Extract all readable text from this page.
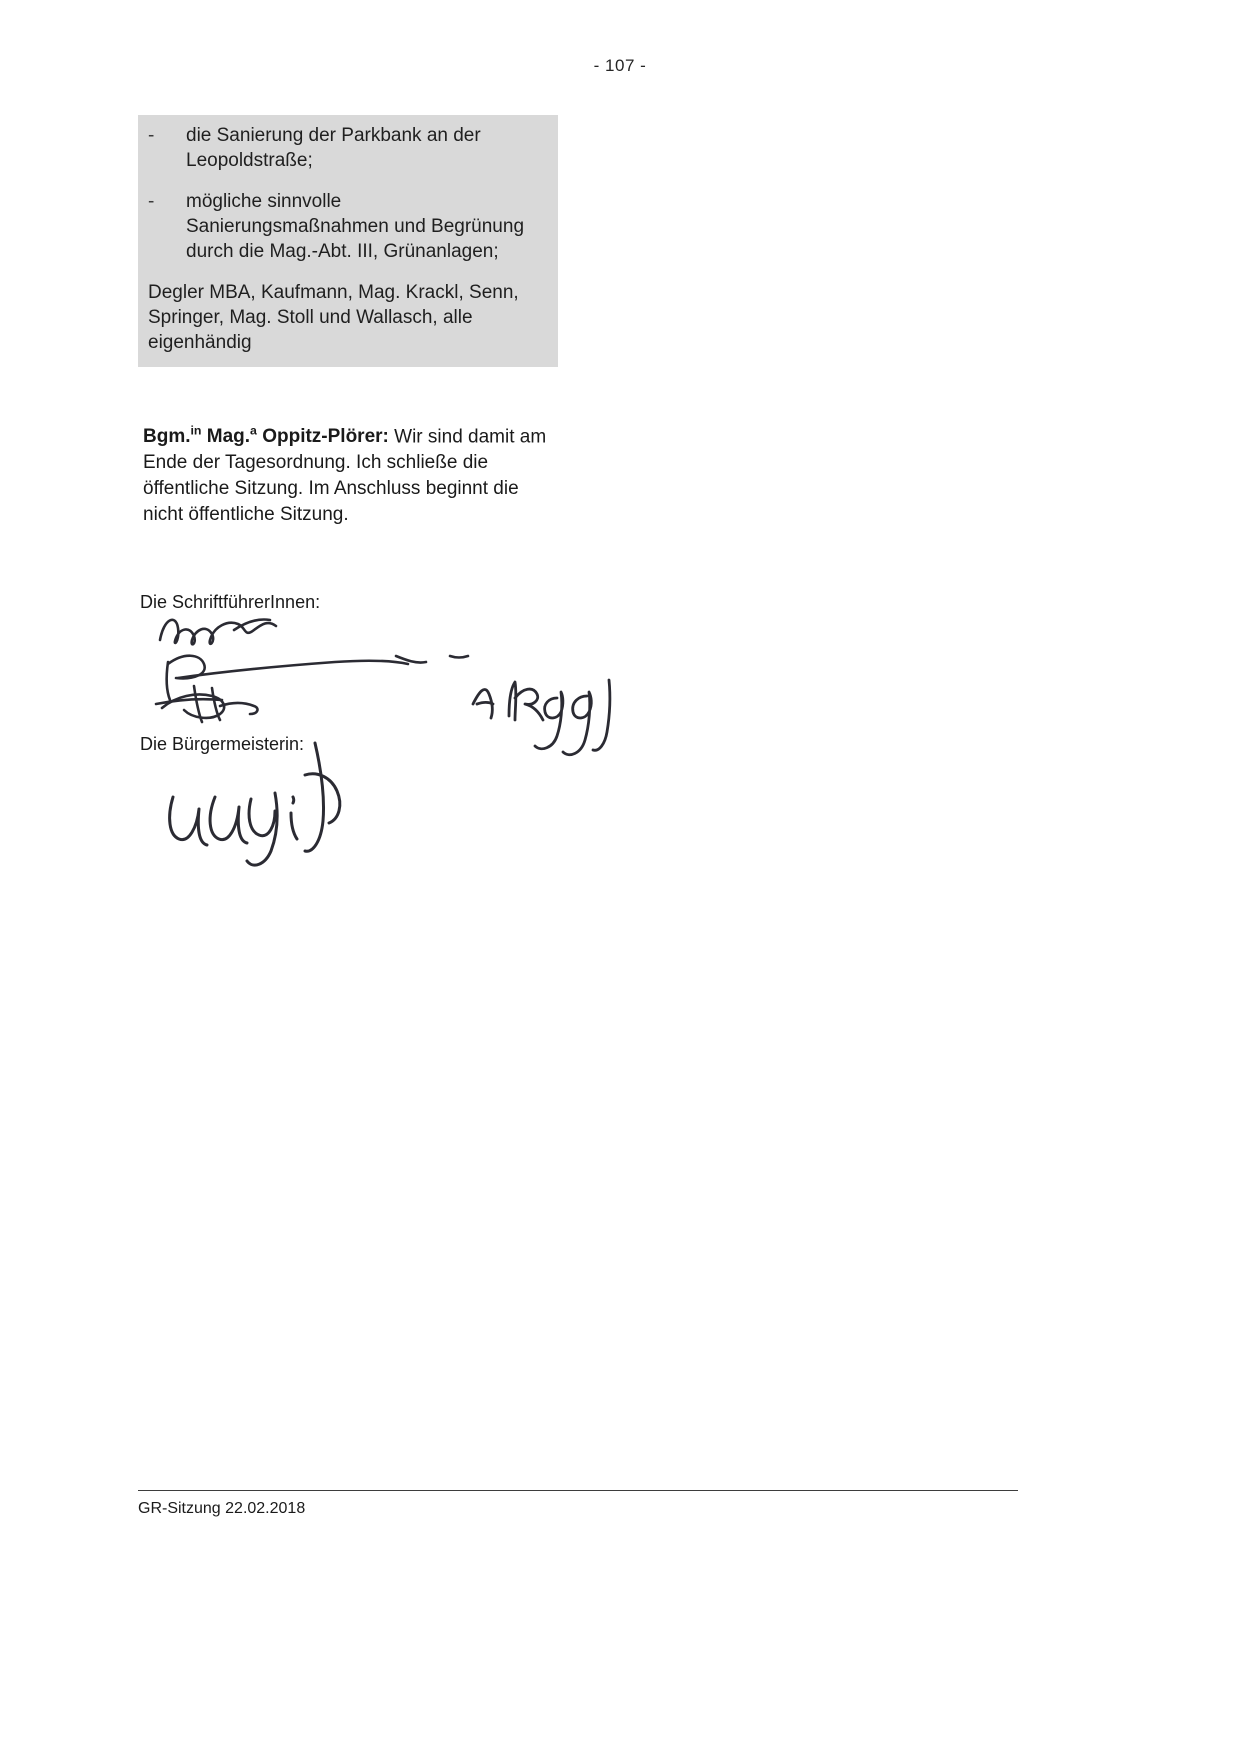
- 107 -
-	die Sanierung der Parkbank an der Leopoldstraße;
-	mögliche sinnvolle Sanierungsmaßnahmen und Begrünung durch die Mag.-Abt. III, Grünanlagen;
Degler MBA, Kaufmann, Mag. Krackl, Senn, Springer, Mag. Stoll und Wallasch, alle eigenhändig
Bgm.$^{in}$ Mag.$^a$ Oppitz-Plörer: Wir sind damit am Ende der Tagesordnung. Ich schließe die öffentliche Sitzung. Im Anschluss beginnt die nicht öffentliche Sitzung.
Die SchriftführerInnen:
Die Bürgermeisterin:
GR-Sitzung 22.02.2018
